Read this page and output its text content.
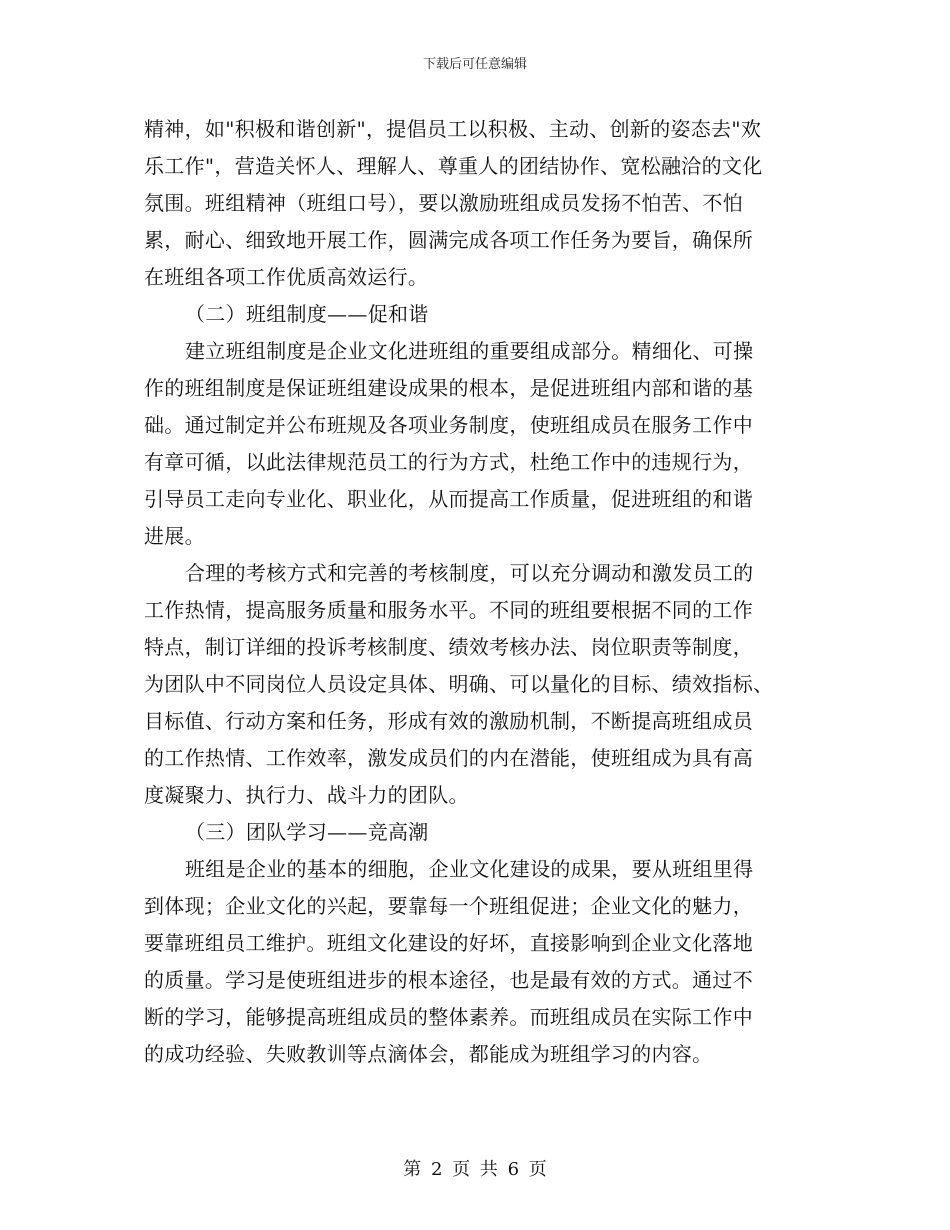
下载后可任意编辑
精神，如"积极和谐创新"，提倡员工以积极、主动、创新的姿态去"欢
乐工作"，营造关怀人、理解人、尊重人的团结协作、宽松融洽的文化
氛围。班组精神（班组口号），要以激励班组成员发扬不怕苦、不怕
累，耐心、细致地开展工作，圆满完成各项工作任务为要旨，确保所
在班组各项工作优质高效运行。
（二）班组制度——促和谐
建立班组制度是企业文化进班组的重要组成部分。精细化、可操
作的班组制度是保证班组建设成果的根本，是促进班组内部和谐的基
础。通过制定并公布班规及各项业务制度，使班组成员在服务工作中
有章可循，以此法律规范员工的行为方式，杜绝工作中的违规行为，
引导员工走向专业化、职业化，从而提高工作质量，促进班组的和谐
进展。
合理的考核方式和完善的考核制度，可以充分调动和激发员工的
工作热情，提高服务质量和服务水平。不同的班组要根据不同的工作
特点，制订详细的投诉考核制度、绩效考核办法、岗位职责等制度，
为团队中不同岗位人员设定具体、明确、可以量化的目标、绩效指标、
目标值、行动方案和任务，形成有效的激励机制，不断提高班组成员
的工作热情、工作效率，激发成员们的内在潜能，使班组成为具有高
度凝聚力、执行力、战斗力的团队。
（三）团队学习——竞高潮
班组是企业的基本的细胞，企业文化建设的成果，要从班组里得
到体现；企业文化的兴起，要靠每一个班组促进；企业文化的魅力，
要靠班组员工维护。班组文化建设的好坏，直接影响到企业文化落地
的质量。学习是使班组进步的根本途径，也是最有效的方式。通过不
断的学习，能够提高班组成员的整体素养。而班组成员在实际工作中
的成功经验、失败教训等点滴体会，都能成为班组学习的内容。
第 2 页 共 6 页
